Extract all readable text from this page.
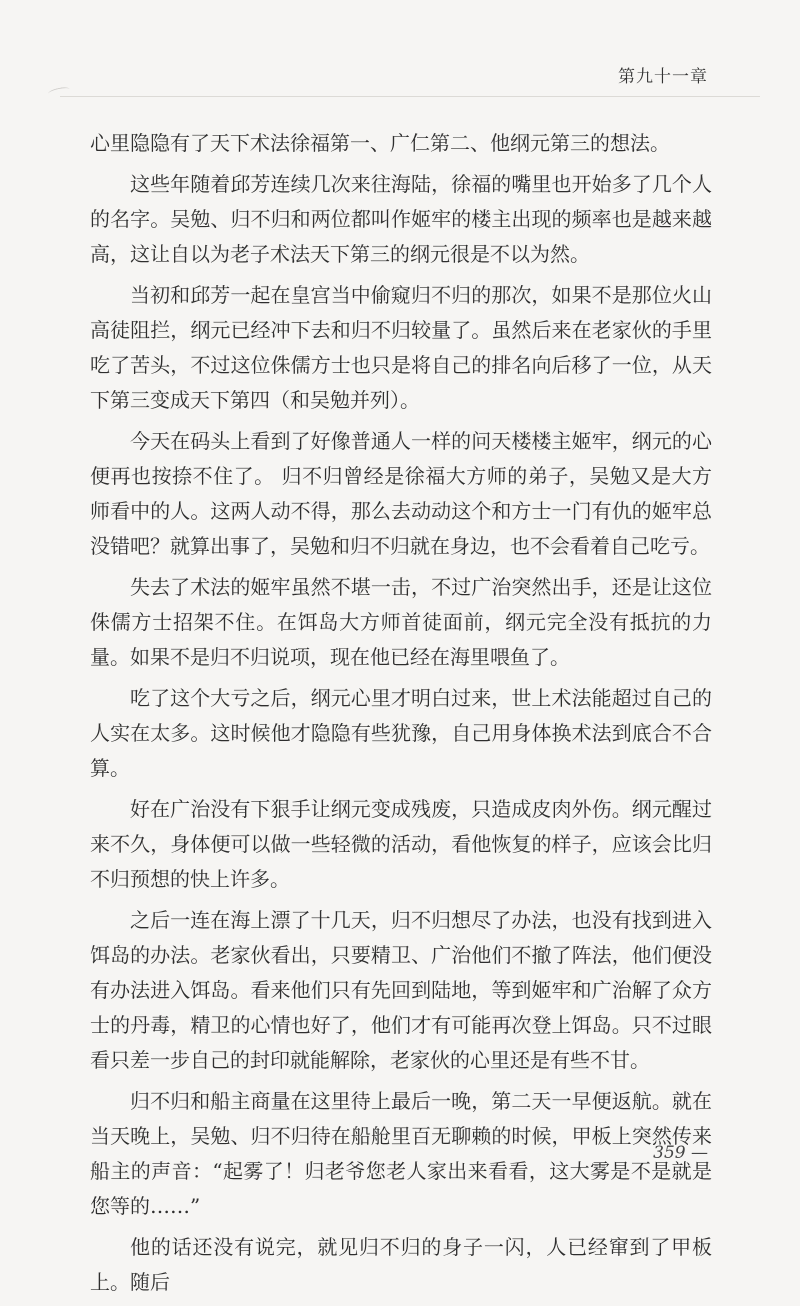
第九十一章

心里隐隐有了天下术法徐福第一、广仁第二、他纲元第三的想法。

这些年随着邱芳连续几次来往海陆，徐福的嘴里也开始多了几个人的名字。吴勉、归不归和两位都叫作姬牢的楼主出现的频率也是越来越高，这让自以为老子术法天下第三的纲元很是不以为然。

当初和邱芳一起在皇宫当中偷窥归不归的那次，如果不是那位火山高徒阻拦，纲元已经冲下去和归不归较量了。虽然后来在老家伙的手里吃了苦头，不过这位侏儒方士也只是将自己的排名向后移了一位，从天下第三变成天下第四（和吴勉并列）。

今天在码头上看到了好像普通人一样的问天楼楼主姬牢，纲元的心便再也按捺不住了。 归不归曾经是徐福大方师的弟子，吴勉又是大方师看中的人。这两人动不得，那么去动动这个和方士一门有仇的姬牢总没错吧？就算出事了，吴勉和归不归就在身边，也不会看着自己吃亏。

失去了术法的姬牢虽然不堪一击，不过广治突然出手，还是让这位侏儒方士招架不住。在饵岛大方师首徒面前，纲元完全没有抵抗的力量。如果不是归不归说项，现在他已经在海里喂鱼了。

吃了这个大亏之后，纲元心里才明白过来，世上术法能超过自己的人实在太多。这时候他才隐隐有些犹豫，自己用身体换术法到底合不合算。

好在广治没有下狠手让纲元变成残废，只造成皮肉外伤。纲元醒过来不久，身体便可以做一些轻微的活动，看他恢复的样子，应该会比归不归预想的快上许多。

之后一连在海上漂了十几天，归不归想尽了办法，也没有找到进入饵岛的办法。老家伙看出，只要精卫、广治他们不撤了阵法，他们便没有办法进入饵岛。看来他们只有先回到陆地，等到姬牢和广治解了众方士的丹毒，精卫的心情也好了，他们才有可能再次登上饵岛。只不过眼看只差一步自己的封印就能解除，老家伙的心里还是有些不甘。

归不归和船主商量在这里待上最后一晚，第二天一早便返航。就在当天晚上，吴勉、归不归待在船舱里百无聊赖的时候，甲板上突然传来船主的声音：“起雾了！归老爷您老人家出来看看，这大雾是不是就是您等的……”

他的话还没有说完，就见归不归的身子一闪，人已经窜到了甲板上。随后

359 —
